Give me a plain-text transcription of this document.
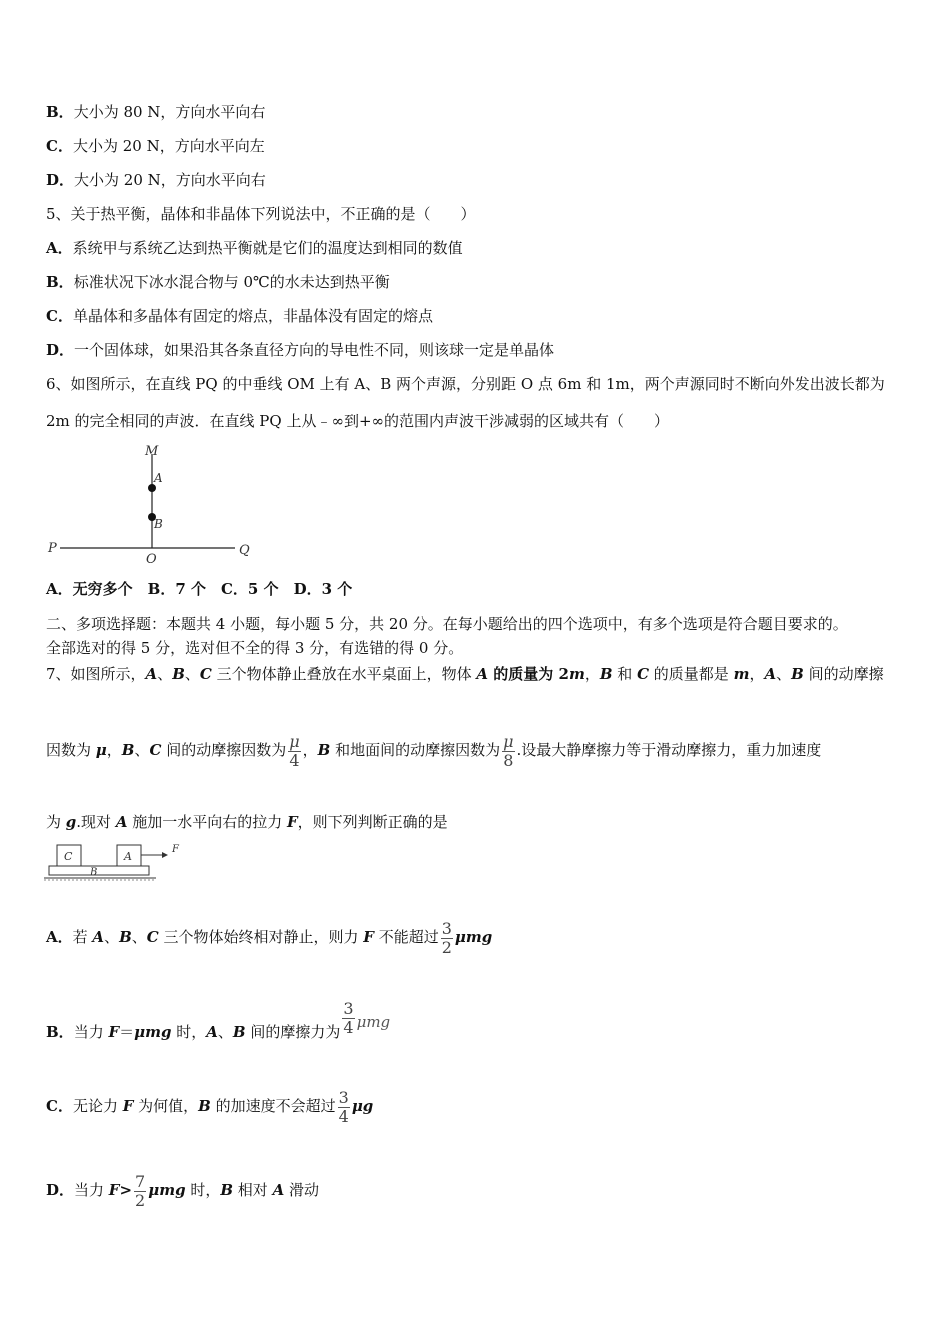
B．大小为 80 N，方向水平向右
C．大小为 20 N，方向水平向左
D．大小为 20 N，方向水平向右
5、关于热平衡，晶体和非晶体下列说法中，不正确的是（　　）
A．系统甲与系统乙达到热平衡就是它们的温度达到相同的数值
B．标准状况下冰水混合物与 0℃的水未达到热平衡
C．单晶体和多晶体有固定的熔点，非晶体没有固定的熔点
D．一个固体球，如果沿其各条直径方向的导电性不同，则该球一定是单晶体
6、如图所示，在直线 PQ 的中垂线 OM 上有 A、B 两个声源，分别距 O 点 6m 和 1m，两个声源同时不断向外发出波长都为
2m 的完全相同的声波．在直线 PQ 上从﹣∞到+∞的范围内声波干涉减弱的区域共有（　　）
M
A
B
P
O
Q
A．无穷多个　B．7 个　C．5 个　D．3 个
二、多项选择题：本题共 4 小题，每小题 5 分，共 20 分。在每小题给出的四个选项中，有多个选项是符合题目要求的。
全部选对的得 5 分，选对但不全的得 3 分，有选错的得 0 分。
7、如图所示，A、B、C 三个物体静止叠放在水平桌面上，物体 A 的质量为 2m，B 和 C 的质量都是 m，A、B 间的动摩擦
因数为 μ，B、C 间的动摩擦因数为 $\frac{\mu}{4}$ ，B 和地面间的动摩擦因数为 $\frac{\mu}{8}$ .设最大静摩擦力等于滑动摩擦力，重力加速度
为 g.现对 A 施加一水平向右的拉力 F，则下列判断正确的是
C	A
F
B
A．若 A、B、C 三个物体始终相对静止，则力 F 不能超过 $\frac{3}{2}$ μmg
B．当力 F＝μmg 时，A、B 间的摩擦力为 $\frac{3}{4}$ μmg
C．无论力 F 为何值，B 的加速度不会超过 $\frac{3}{4}$ μg
D．当力 $F> \frac{7}{2}$ μmg 时，B 相对 A 滑动
